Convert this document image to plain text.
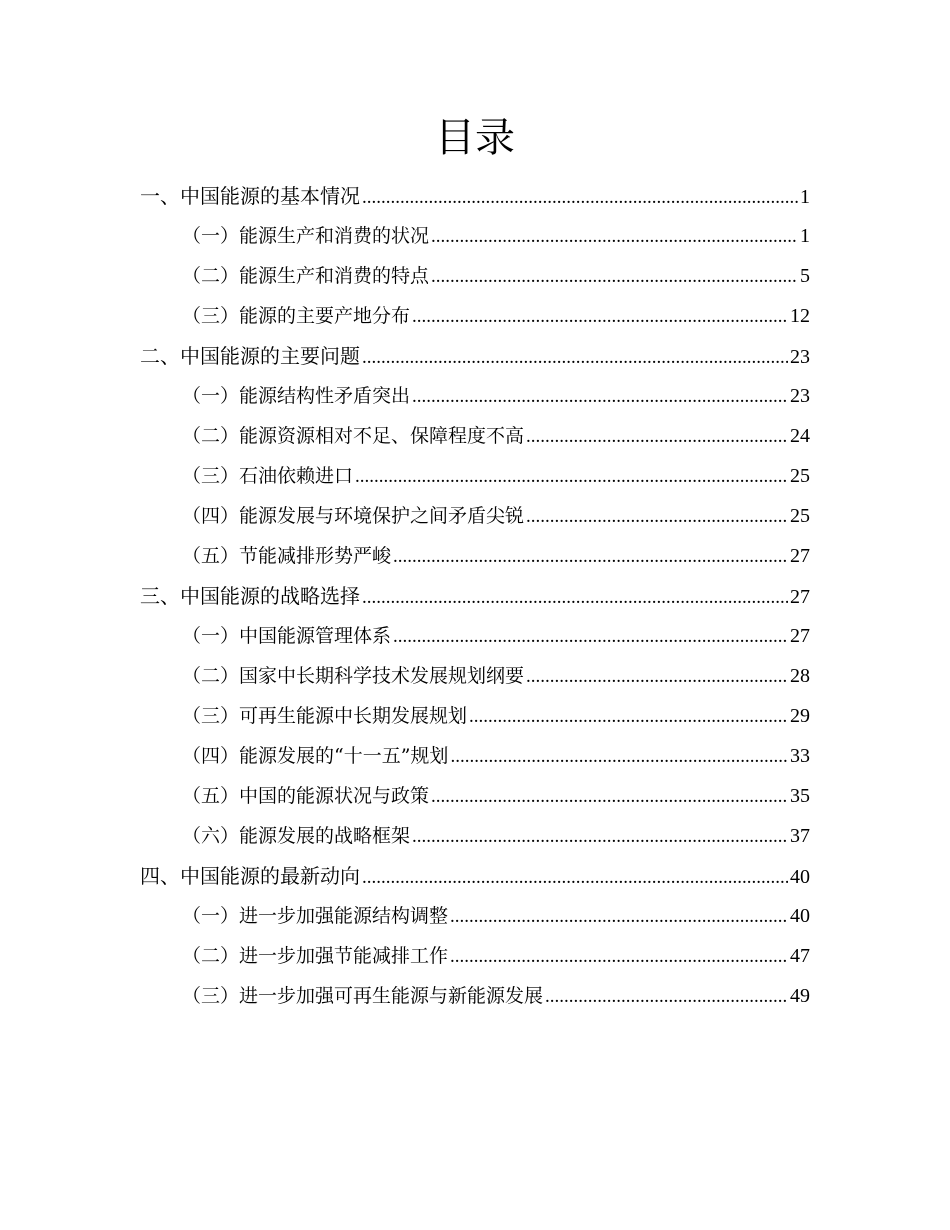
目录
一、中国能源的基本情况 .....	1
（一）能源生产和消费的状况 .....	1
（二）能源生产和消费的特点 .....	5
（三）能源的主要产地分布 .....	12
二、中国能源的主要问题 .....	23
（一）能源结构性矛盾突出 .....	23
（二）能源资源相对不足、保障程度不高 .....	24
（三）石油依赖进口 .....	25
（四）能源发展与环境保护之间矛盾尖锐 .....	25
（五）节能减排形势严峻 .....	27
三、中国能源的战略选择 .....	27
（一）中国能源管理体系 .....	27
（二）国家中长期科学技术发展规划纲要 .....	28
（三）可再生能源中长期发展规划 .....	29
（四）能源发展的“十一五”规划 .....	33
（五）中国的能源状况与政策 .....	35
（六）能源发展的战略框架 .....	37
四、中国能源的最新动向 .....	40
（一）进一步加强能源结构调整 .....	40
（二）进一步加强节能减排工作 .....	47
（三）进一步加强可再生能源与新能源发展 .....	49
